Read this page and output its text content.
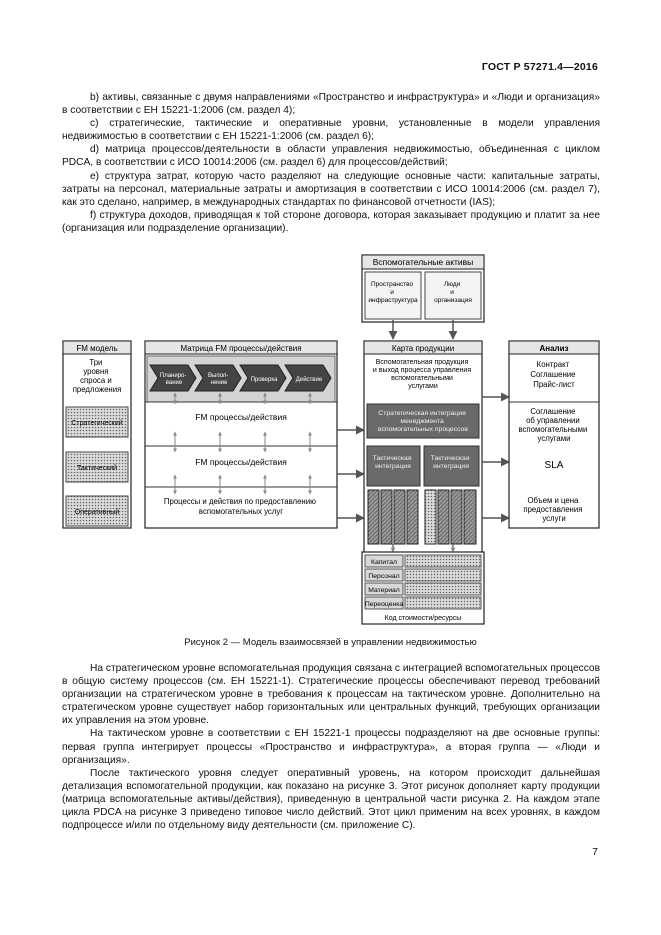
ГОСТ Р 57271.4—2016

b) активы, связанные с двумя направлениями «Пространство и инфраструктура» и «Люди и организация» в соответствии с ЕН 15221-1:2006 (см. раздел 4);

c) стратегические, тактические и оперативные уровни, установленные в модели управления недвижимостью в соответствии с ЕН 15221-1:2006 (см. раздел 6);

d) матрица процессов/деятельности в области управления недвижимостью, объединенная с циклом PDCA, в соответствии с ИСО 10014:2006 (см. раздел 6) для процессов/действий;

e) структура затрат, которую часто разделяют на следующие основные части: капитальные затраты, затраты на персонал, материальные затраты и амортизация в соответствии с ИСО 10014:2006 (см. раздел 7), как это сделано, например, в международных стандартах по финансовой отчетности (IAS);

f) структура доходов, приводящая к той стороне договора, которая заказывает продукцию и платит за нее (организация или подразделение организации).

Вспомогательные активы
Пространство и инфраструктура
Люди и организация
FM модель
Три уровня спроса и предложения
Стратегический
Тактический
Оперативный
Матрица FM процессы/действия
Планиро- вание
Выпол- нение	Проверка	Действие
FM процессы/действия
FM процессы/действия
Процессы и действия по предоставлению вспомогательных услуг
Карта продукции
Вспомогательная продукция и выход процесса управления вспомогательными услугами
Стратегическая интеграция менеджмента вспомогательных процессов
Тактическая интеграция
Тактическая интеграция
Анализ
Контракт Соглашение Прайс-лист
Соглашение об управлении вспомогательными услугами
SLA
Объем и цена предоставления услуги
Капитал
Персонал
Материал
Переоценка
Код стоимости/ресурсы
Рисунок 2 — Модель взаимосвязей в управлении недвижимостью

На стратегическом уровне вспомогательная продукция связана с интеграцией вспомогательных процессов в общую систему процессов (см. ЕН 15221-1). Стратегические процессы обеспечивают перевод требований организации на стратегическом уровне в требования к процессам на тактическом уровне. Дополнительно на стратегическом уровне существует набор горизонтальных или центральных функций, требующих организации их управления на этом уровне.

На тактическом уровне в соответствии с ЕН 15221-1 процессы подразделяют на две основные группы: первая группа интегрирует процессы «Пространство и инфраструктура», а вторая группа — «Люди и организация».

После тактического уровня следует оперативный уровень, на котором происходит дальнейшая детализация вспомогательной продукции, как показано на рисунке 3. Этот рисунок дополняет карту продукции (матрица вспомогательные активы/действия), приведенную в центральной части рисунка 2. На каждом этапе цикла PDCA на рисунке 3 приведено типовое число действий. Этот цикл применим на всех уровнях, в каждом подпроцессе и/или по отдельному виду деятельности (см. приложение С).

7
